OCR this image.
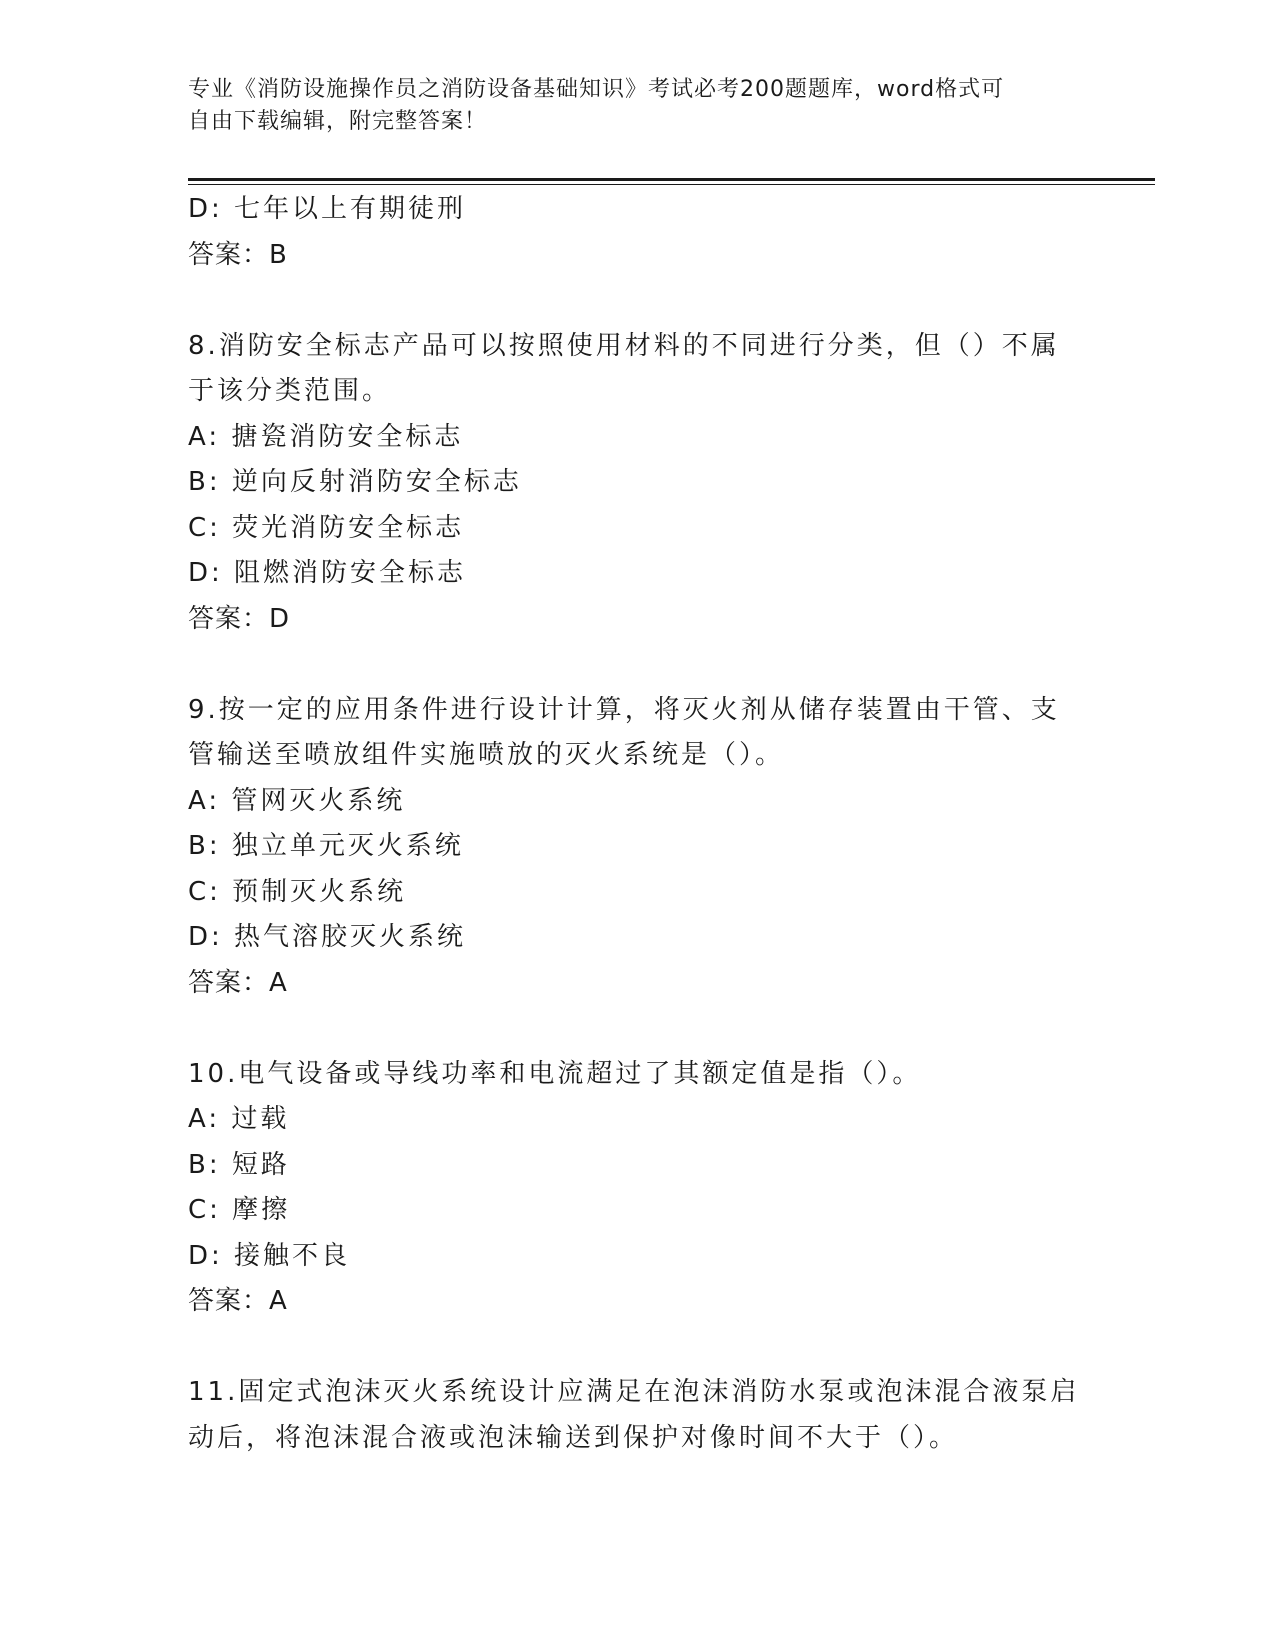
专业《消防设施操作员之消防设备基础知识》考试必考200题题库，word格式可
自由下载编辑，附完整答案！
D: 七年以上有期徒刑
答案：B
8.消防安全标志产品可以按照使用材料的不同进行分类，但（）不属
于该分类范围。
A: 搪瓷消防安全标志
B: 逆向反射消防安全标志
C: 荧光消防安全标志
D: 阻燃消防安全标志
答案：D
9.按一定的应用条件进行设计计算，将灭火剂从储存装置由干管、支
管输送至喷放组件实施喷放的灭火系统是（）。
A: 管网灭火系统
B: 独立单元灭火系统
C: 预制灭火系统
D: 热气溶胶灭火系统
答案：A
10.电气设备或导线功率和电流超过了其额定值是指（）。
A: 过载
B: 短路
C: 摩擦
D: 接触不良
答案：A
11.固定式泡沫灭火系统设计应满足在泡沫消防水泵或泡沫混合液泵启
动后，将泡沫混合液或泡沫输送到保护对像时间不大于（）。
